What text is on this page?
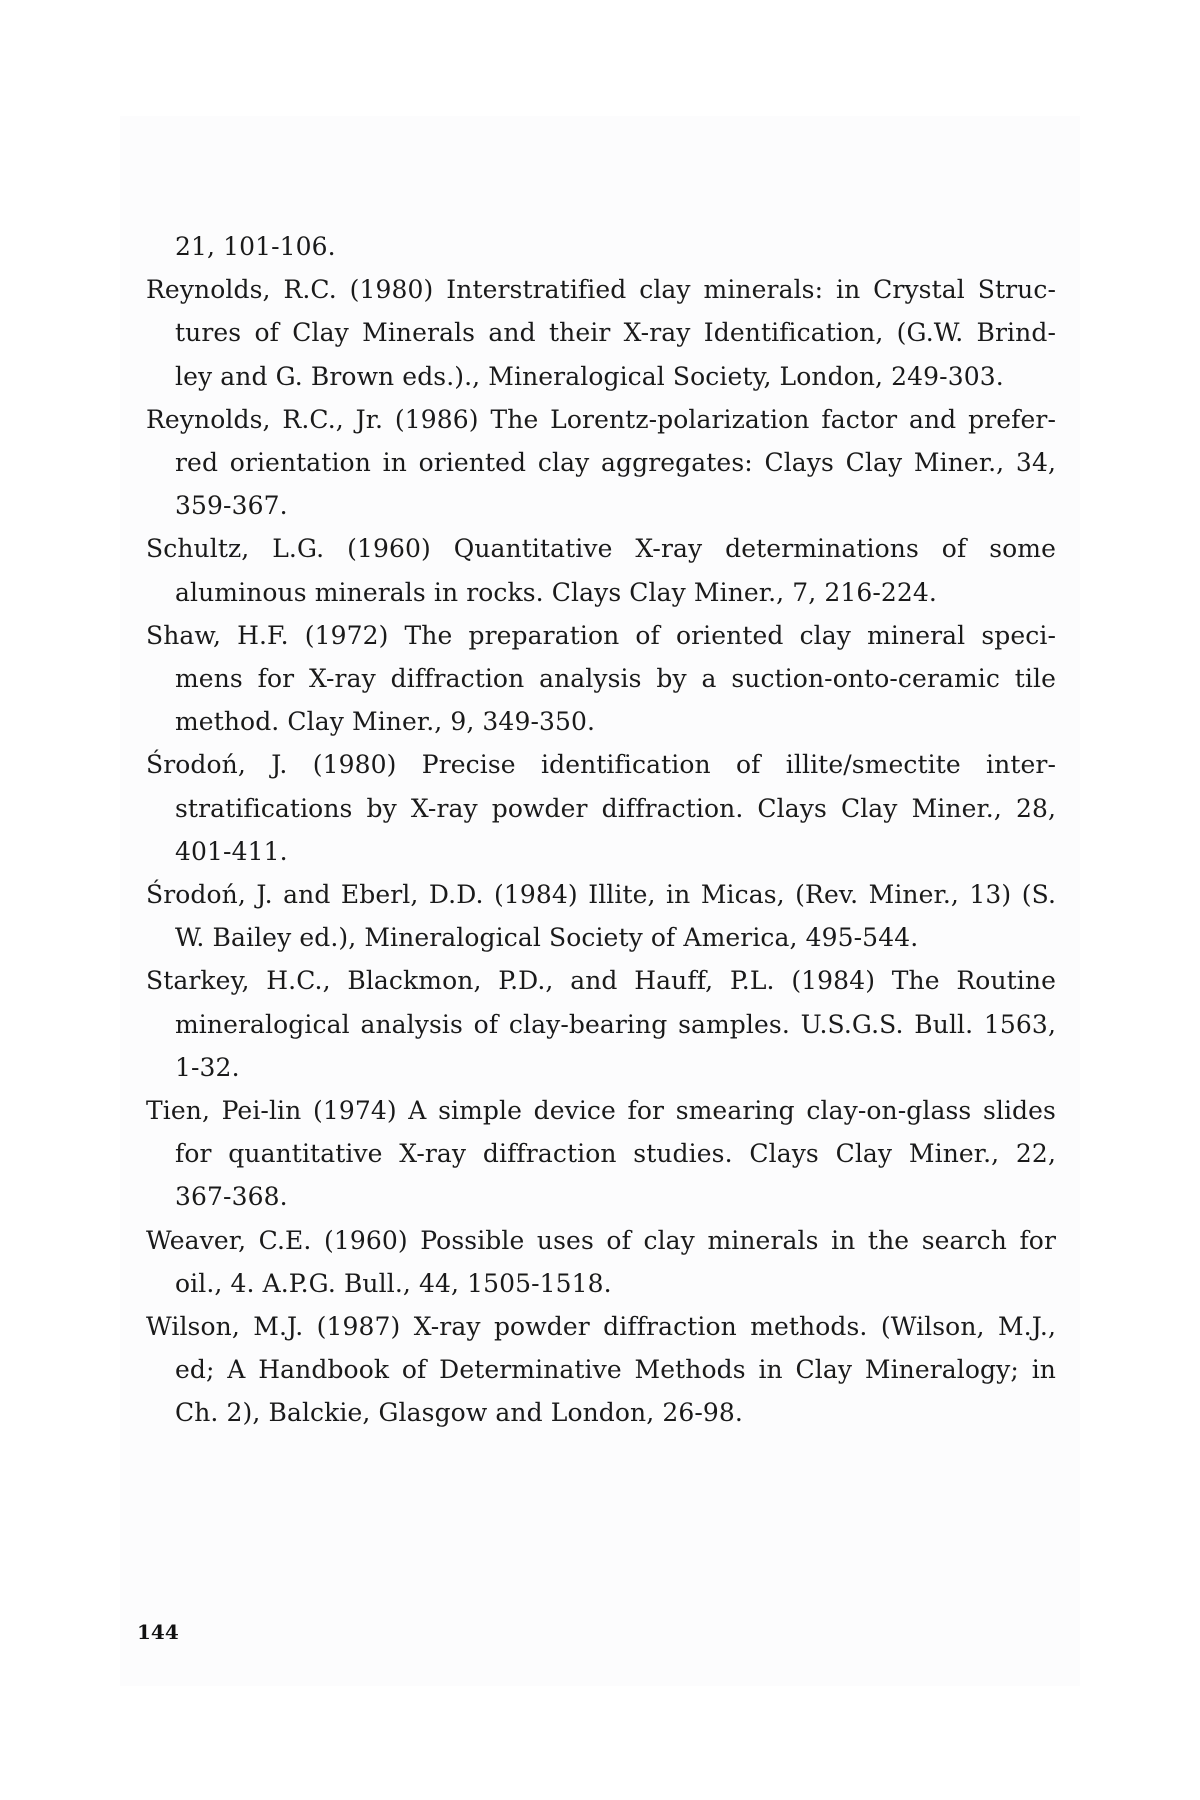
21, 101-106.
Reynolds, R.C. (1980) Interstratified clay minerals: in Crystal Struc-
tures of Clay Minerals and their X-ray Identification, (G.W. Brind-
ley and G. Brown eds.)., Mineralogical Society, London, 249-303.
Reynolds, R.C., Jr. (1986) The Lorentz-polarization factor and prefer-
red orientation in oriented clay aggregates: Clays Clay Miner., 34,
359-367.
Schultz, L.G. (1960) Quantitative X-ray determinations of some
aluminous minerals in rocks. Clays Clay Miner., 7, 216-224.
Shaw, H.F. (1972) The preparation of oriented clay mineral speci-
mens for X-ray diffraction analysis by a suction-onto-ceramic tile
method. Clay Miner., 9, 349-350.
Środoń, J. (1980) Precise identification of illite/smectite inter-
stratifications by X-ray powder diffraction. Clays Clay Miner., 28,
401-411.
Środoń, J. and Eberl, D.D. (1984) Illite, in Micas, (Rev. Miner., 13) (S.
W. Bailey ed.), Mineralogical Society of America, 495-544.
Starkey, H.C., Blackmon, P.D., and Hauff, P.L. (1984) The Routine
mineralogical analysis of clay-bearing samples. U.S.G.S. Bull. 1563,
1-32.
Tien, Pei-lin (1974) A simple device for smearing clay-on-glass slides
for quantitative X-ray diffraction studies. Clays Clay Miner., 22,
367-368.
Weaver, C.E. (1960) Possible uses of clay minerals in the search for
oil., 4. A.P.G. Bull., 44, 1505-1518.
Wilson, M.J. (1987) X-ray powder diffraction methods. (Wilson, M.J.,
ed; A Handbook of Determinative Methods in Clay Mineralogy; in
Ch. 2), Balckie, Glasgow and London, 26-98.
144
